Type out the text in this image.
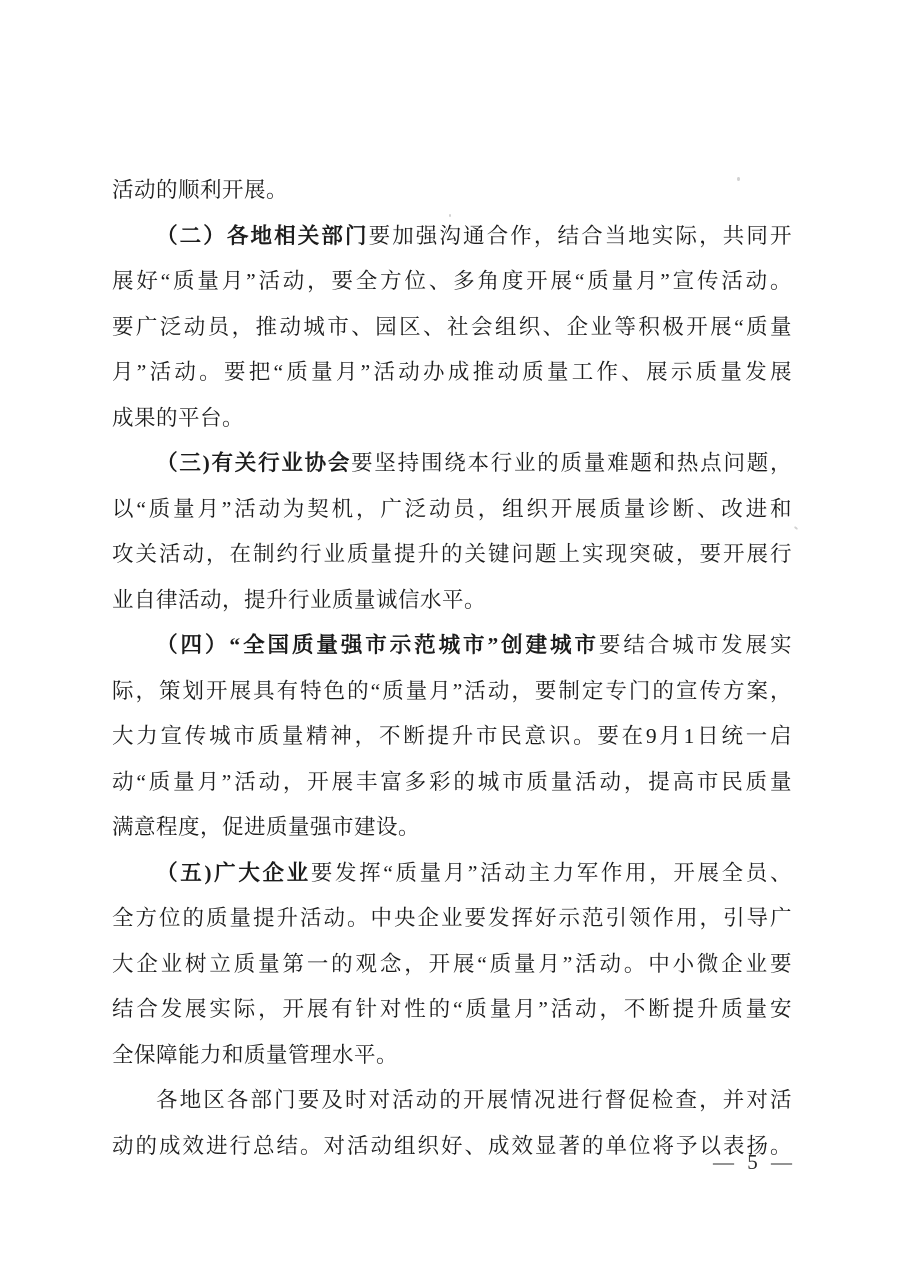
活动的顺利开展。
（二）各地相关部门要加强沟通合作，结合当地实际，共同开
展好“质量月”活动，要全方位、多角度开展“质量月”宣传活动。
要广泛动员，推动城市、园区、社会组织、企业等积极开展“质量
月”活动。要把“质量月”活动办成推动质量工作、展示质量发展
成果的平台。
（三)有关行业协会要坚持围绕本行业的质量难题和热点问题，
以“质量月”活动为契机，广泛动员，组织开展质量诊断、改进和
攻关活动，在制约行业质量提升的关键问题上实现突破，要开展行
业自律活动，提升行业质量诚信水平。
（四）“全国质量强市示范城市”创建城市要结合城市发展实
际，策划开展具有特色的“质量月”活动，要制定专门的宣传方案，
大力宣传城市质量精神，不断提升市民意识。要在9月1日统一启
动“质量月”活动，开展丰富多彩的城市质量活动，提高市民质量
满意程度，促进质量强市建设。
（五)广大企业要发挥“质量月”活动主力军作用，开展全员、
全方位的质量提升活动。中央企业要发挥好示范引领作用，引导广
大企业树立质量第一的观念，开展“质量月”活动。中小微企业要
结合发展实际，开展有针对性的“质量月”活动，不断提升质量安
全保障能力和质量管理水平。
各地区各部门要及时对活动的开展情况进行督促检查，并对活
动的成效进行总结。对活动组织好、成效显著的单位将予以表扬。
— 5 —
